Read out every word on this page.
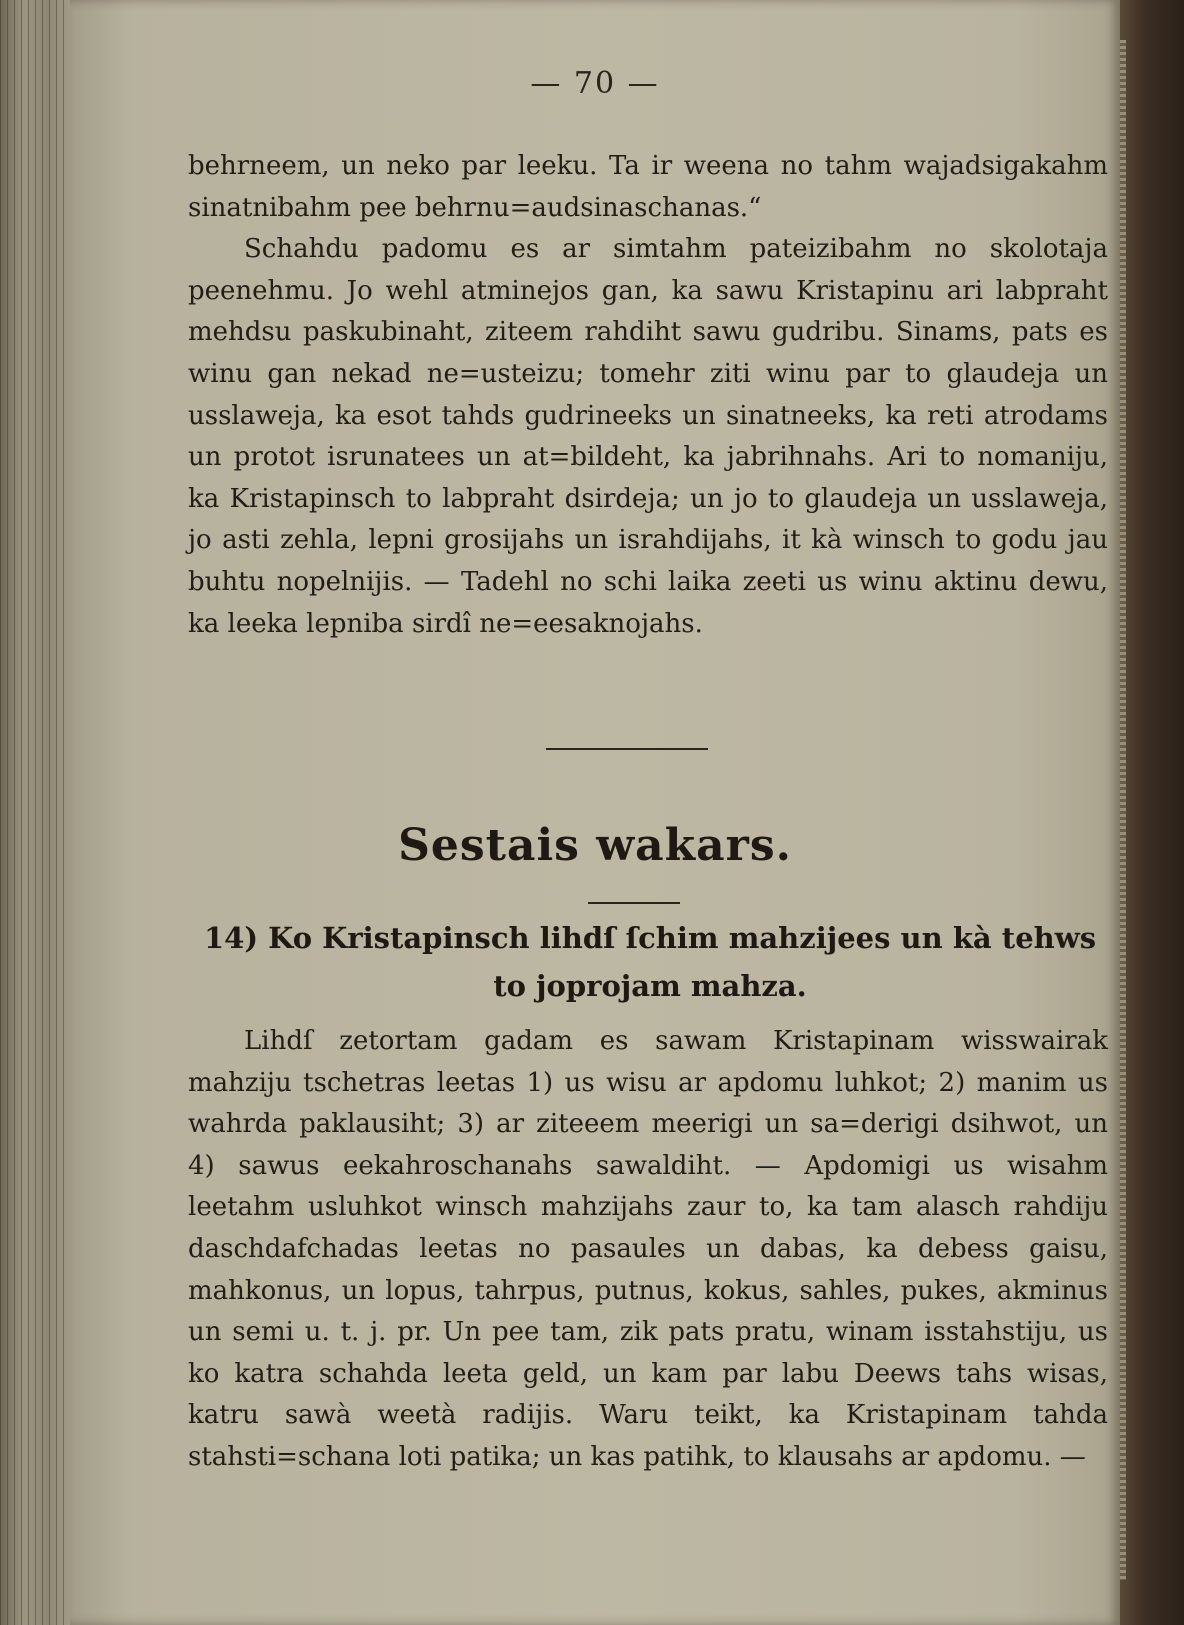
— 70 —

behrneem, un neko par leeku. Ta ir weena no tahm wajadsigakahm sinatnibahm pee behrnu=audsinaschanas.“

Schahdu padomu es ar simtahm pateizibahm no skolotaja peenehmu. Jo wehl atminejos gan, ka sawu Kristapinu ari labpraht mehdsu paskubinaht, ziteem rahdiht sawu gudribu. Sinams, pats es winu gan nekad ne=usteizu; tomehr ziti winu par to glaudeja un usslaweja, ka esot tahds gudrineeks un sinatneeks, ka reti atrodams un protot isrunatees un at=bildeht, ka jabrihnahs. Ari to nomaniju, ka Kristapinsch to labpraht dsirdeja; un jo to glaudeja un usslaweja, jo asti zehla, lepni grosijahs un israhdijahs, it kà winsch to godu jau buhtu nopelnijis. — Tadehl no schi laika zeeti us winu aktinu dewu, ka leeka lepniba sirdî ne=eesaknojahs.

Sestais wakars.
14) Ko Kristapinsch lihdſ ſchim mahzijees un kà tehws to joprojam mahza.

Lihdſ zetortam gadam es sawam Kristapinam wissw​airak mahziju tschetras leetas 1) us wisu ar apdomu luhkot; 2) manim us wahrda paklausiht; 3) ar ziteeem meerigi un sa=derigi dsihwot, un 4) sawus eekahroschanahs sawaldiht. — Apdomigi us wisahm leetahm usluhkot winsch mahzijahs zaur to, ka tam alasch rahdiju dasch​dafchadas leetas no pasaules un dabas, ka debess gaisu, mahkonus, un lopus, tahrpus, putnus, kokus, sahles, pukes, akminus un semi u. t. j. pr. Un pee tam, zik pats pratu, winam isstahstiju, us ko katra schahda leeta geld, un kam par labu Deews tahs wisas, katru sawà weetà radijis. Waru teikt, ka Kristapinam tahda stahsti=schana loti patika; un kas patihk, to klausahs ar apdomu. —
